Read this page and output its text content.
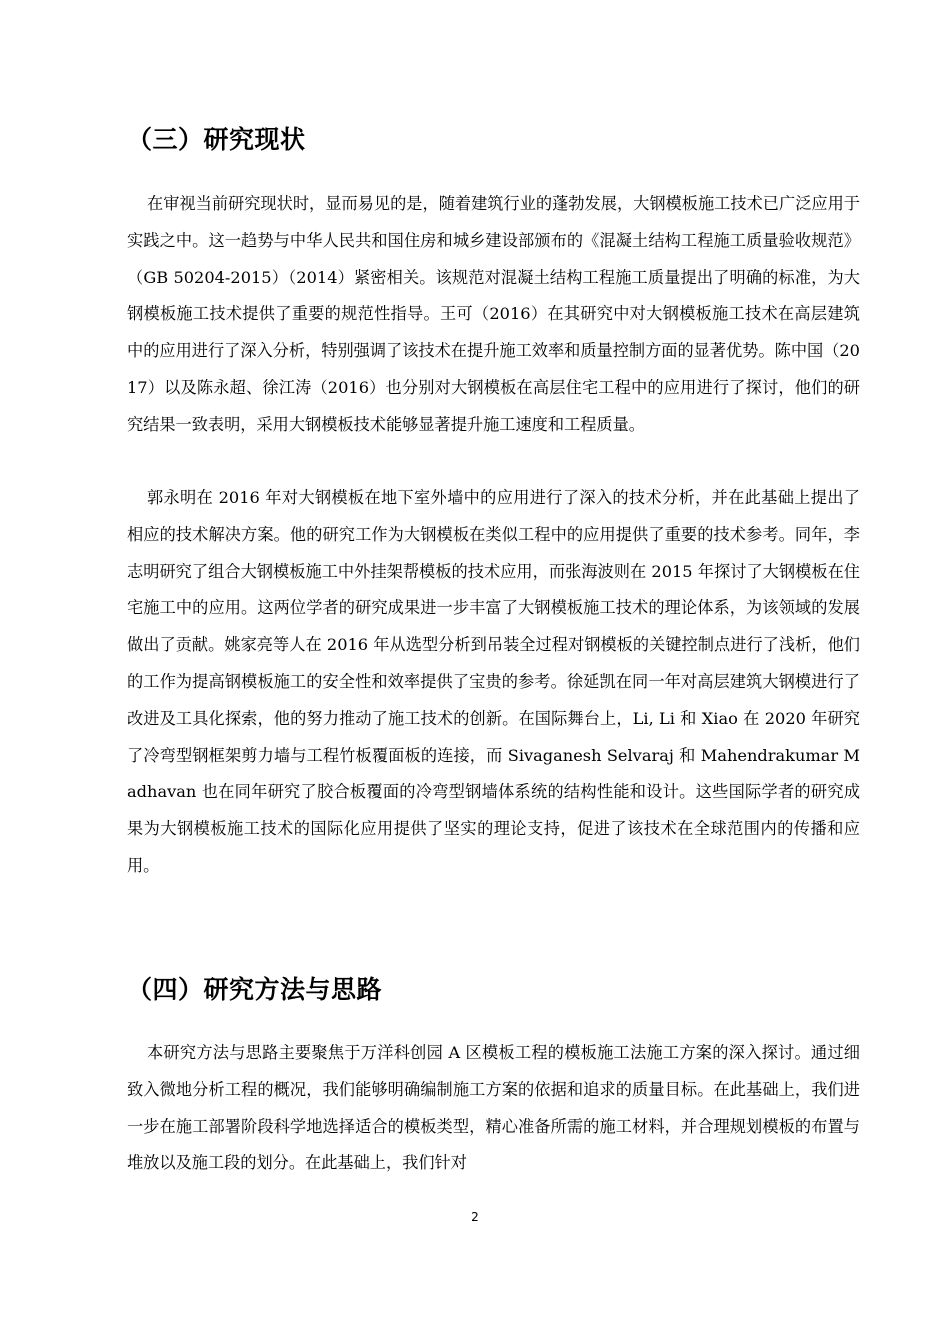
（三）研究现状

在审视当前研究现状时，显而易见的是，随着建筑行业的蓬勃发展，大钢模板施工技术已广泛应用于实践之中。这一趋势与中华人民共和国住房和城乡建设部颁布的《混凝土结构工程施工质量验收规范》（GB 50204-2015）（2014）紧密相关。该规范对混凝土结构工程施工质量提出了明确的标准，为大钢模板施工技术提供了重要的规范性指导。王可（2016）在其研究中对大钢模板施工技术在高层建筑中的应用进行了深入分析，特别强调了该技术在提升施工效率和质量控制方面的显著优势。陈中国（2017）以及陈永超、徐江涛（2016）也分别对大钢模板在高层住宅工程中的应用进行了探讨，他们的研究结果一致表明，采用大钢模板技术能够显著提升施工速度和工程质量。

郭永明在 2016 年对大钢模板在地下室外墙中的应用进行了深入的技术分析，并在此基础上提出了相应的技术解决方案。他的研究工作为大钢模板在类似工程中的应用提供了重要的技术参考。同年，李志明研究了组合大钢模板施工中外挂架帮模板的技术应用，而张海波则在 2015 年探讨了大钢模板在住宅施工中的应用。这两位学者的研究成果进一步丰富了大钢模板施工技术的理论体系，为该领域的发展做出了贡献。姚家亮等人在 2016 年从选型分析到吊装全过程对钢模板的关键控制点进行了浅析，他们的工作为提高钢模板施工的安全性和效率提供了宝贵的参考。徐延凯在同一年对高层建筑大钢模进行了改进及工具化探索，他的努力推动了施工技术的创新。在国际舞台上，Li, Li 和 Xiao 在 2020 年研究了冷弯型钢框架剪力墙与工程竹板覆面板的连接，而 Sivaganesh Selvaraj 和 Mahendrakumar Madhavan 也在同年研究了胶合板覆面的冷弯型钢墙体系统的结构性能和设计。这些国际学者的研究成果为大钢模板施工技术的国际化应用提供了坚实的理论支持，促进了该技术在全球范围内的传播和应用。

（四）研究方法与思路

本研究方法与思路主要聚焦于万洋科创园 A 区模板工程的模板施工法施工方案的深入探讨。通过细致入微地分析工程的概况，我们能够明确编制施工方案的依据和追求的质量目标。在此基础上，我们进一步在施工部署阶段科学地选择适合的模板类型，精心准备所需的施工材料，并合理规划模板的布置与堆放以及施工段的划分。在此基础上，我们针对

2
